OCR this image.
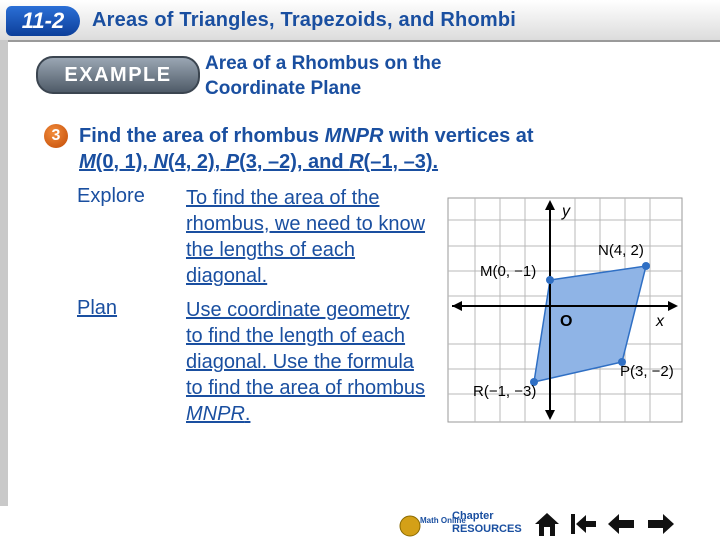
11-2	Areas of Triangles, Trapezoids, and Rhombi
EXAMPLE
Area of a Rhombus on the
Coordinate Plane
3 Find the area of rhombus MNPR with vertices at
M(0, 1), N(4, 2), P(3, –2), and R(–1, –3).
Explore To find the area of the rhombus, we need to know the lengths of each diagonal.
Plan	Use coordinate geometry to find the length of each diagonal. Use the formula to find the area of rhombus MNPR.
y
x
O
N(4, 2)
M(0, −1)
P(3, −2)
R(−1, −3)
Math Online
Chapter
RESOURCES
